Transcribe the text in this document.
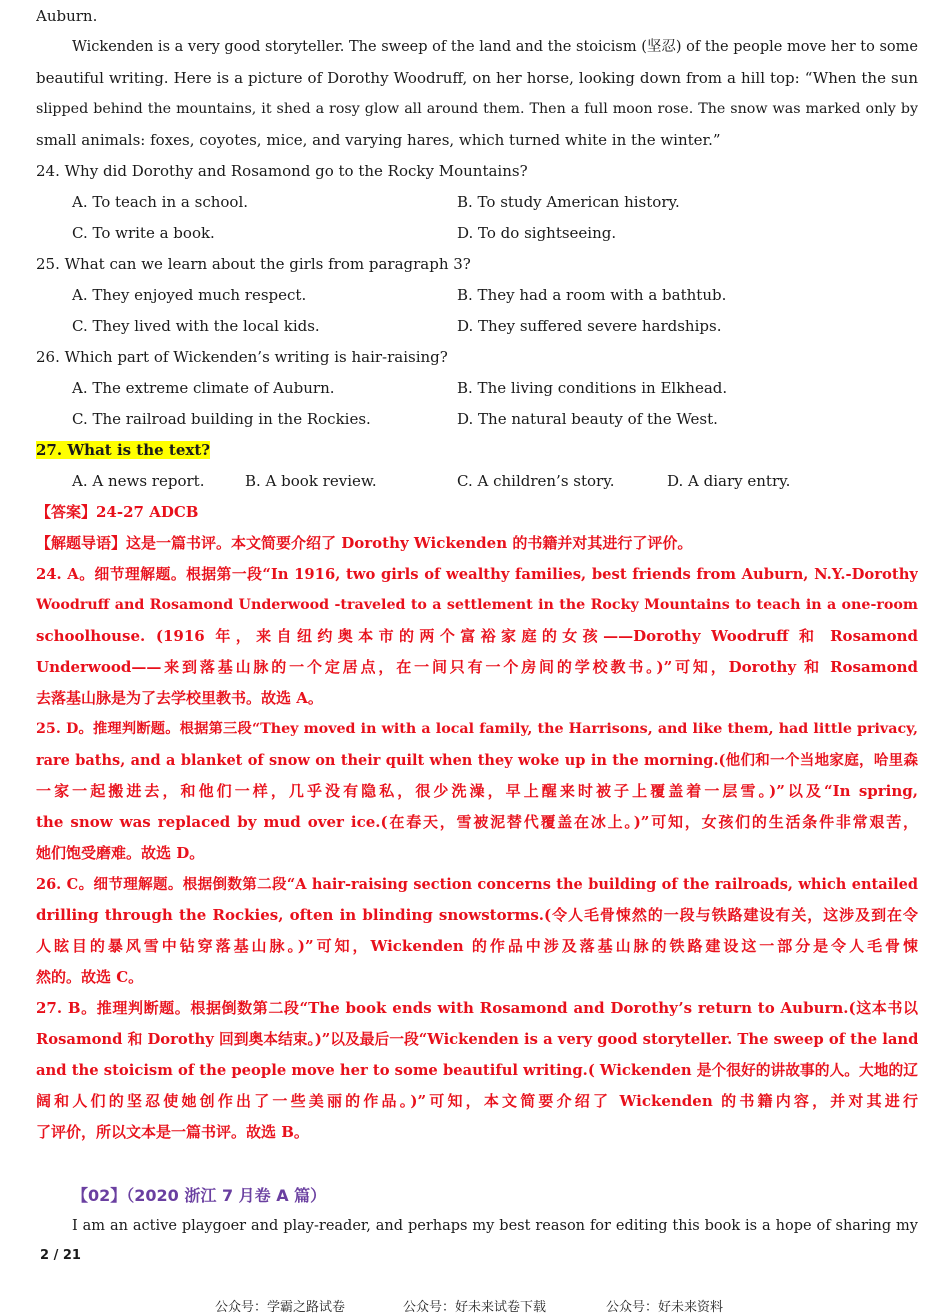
Auburn.
Wickenden is a very good storyteller. The sweep of the land and the stoicism (坚忍) of the people move her to some
beautiful writing. Here is a picture of Dorothy Woodruff, on her horse, looking down from a hill top: “When the sun
slipped behind the mountains, it shed a rosy glow all around them. Then a full moon rose. The snow was marked only by
small animals: foxes, coyotes, mice, and varying hares, which turned white in the winter.”
24. Why did Dorothy and Rosamond go to the Rocky Mountains?
A. To teach in a school.	B. To study American history.
C. To write a book.	D. To do sightseeing.
25. What can we learn about the girls from paragraph 3?
A. They enjoyed much respect.	B. They had a room with a bathtub.
C. They lived with the local kids.	D. They suffered severe hardships.
26. Which part of Wickenden’s writing is hair-raising?
A. The extreme climate of Auburn.	B. The living conditions in Elkhead.
C. The railroad building in the Rockies.	D. The natural beauty of the West.
27. What is the text?
A. A news report.	B. A book review.	C. A children’s story.	D. A diary entry.
【答案】24-27 ADCB
【解题导语】这是一篇书评。本文简要介绍了 Dorothy Wickenden 的书籍并对其进行了评价。
24. A。细节理解题。根据第一段“In 1916, two girls of wealthy families, best friends from Auburn, N.Y.-Dorothy
Woodruff and Rosamond Underwood -traveled to a settlement in the Rocky Mountains to teach in a one-room
schoolhouse. (1916 年，来自纽约奥本市的两个富裕家庭的女孩——Dorothy Woodruff 和 Rosamond
Underwood——来到落基山脉的一个定居点，在一间只有一个房间的学校教书。)”可知，Dorothy 和 Rosamond
去落基山脉是为了去学校里教书。故选 A。
25. D。推理判断题。根据第三段“They moved in with a local family, the Harrisons, and like them, had little privacy,
rare baths, and a blanket of snow on their quilt when they woke up in the morning.(他们和一个当地家庭，哈里森
一家一起搬进去，和他们一样，几乎没有隐私，很少洗澡，早上醒来时被子上覆盖着一层雪。)”以及“In spring,
the snow was replaced by mud over ice.(在春天，雪被泥替代覆盖在冰上。)”可知，女孩们的生活条件非常艰苦，
她们饱受磨难。故选 D。
26. C。细节理解题。根据倒数第二段“A hair-raising section concerns the building of the railroads, which entailed
drilling through the Rockies, often in blinding snowstorms.(令人毛骨悚然的一段与铁路建设有关，这涉及到在令
人眩目的暴风雪中钻穿落基山脉。)”可知，Wickenden 的作品中涉及落基山脉的铁路建设这一部分是令人毛骨悚
然的。故选 C。
27. B。推理判断题。根据倒数第二段“The book ends with Rosamond and Dorothy’s return to Auburn.(这本书以
Rosamond 和 Dorothy 回到奥本结束。)”以及最后一段“Wickenden is a very good storyteller. The sweep of the land
and the stoicism of the people move her to some beautiful writing.( Wickenden 是个很好的讲故事的人。大地的辽
阔和人们的坚忍使她创作出了一些美丽的作品。)”可知，本文简要介绍了 Wickenden 的书籍内容，并对其进行
了评价，所以文本是一篇书评。故选 B。
【02】（2020 浙江 7 月卷 A 篇）
I am an active playgoer and play-reader, and perhaps my best reason for editing this book is a hope of sharing my
2 / 21
公众号：学霸之路试卷	公众号：好未来试卷下载	公众号：好未来资料
